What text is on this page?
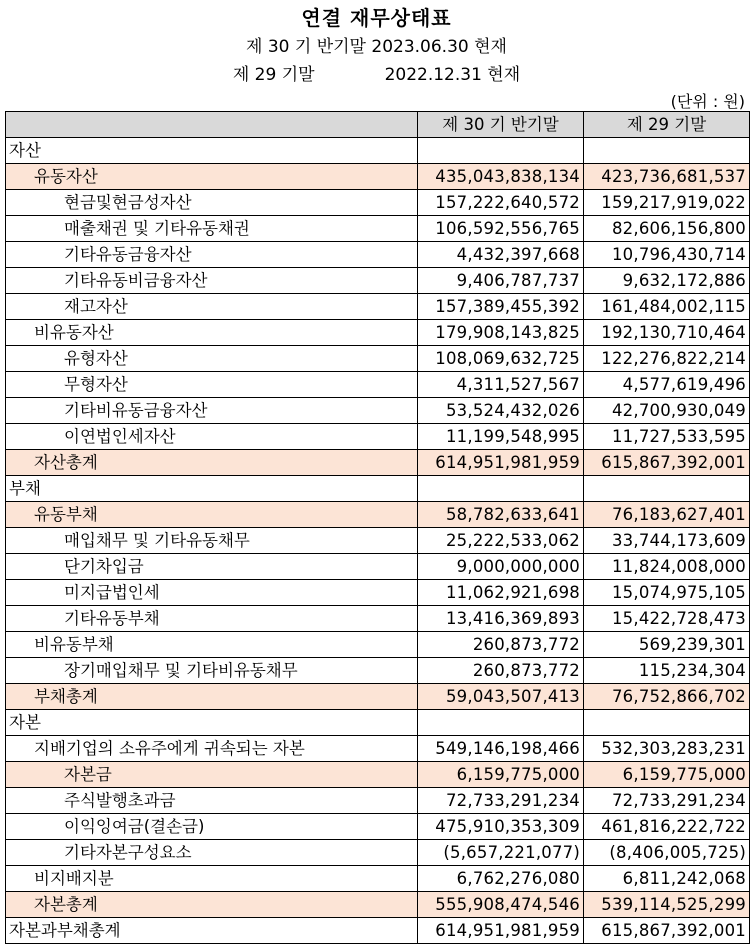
연결 재무상태표
제 30 기 반기말 2023.06.30 현재
제 29 기말	2022.12.31 현재
(단위 : 원)
	제 30 기 반기말	제 29 기말
자산		
유동자산	435,043,838,134	423,736,681,537
현금및현금성자산	157,222,640,572	159,217,919,022
매출채권 및 기타유동채권	106,592,556,765	82,606,156,800
기타유동금융자산	4,432,397,668	10,796,430,714
기타유동비금융자산	9,406,787,737	9,632,172,886
재고자산	157,389,455,392	161,484,002,115
비유동자산	179,908,143,825	192,130,710,464
유형자산	108,069,632,725	122,276,822,214
무형자산	4,311,527,567	4,577,619,496
기타비유동금융자산	53,524,432,026	42,700,930,049
이연법인세자산	11,199,548,995	11,727,533,595
자산총계	614,951,981,959	615,867,392,001
부채		
유동부채	58,782,633,641	76,183,627,401
매입채무 및 기타유동채무	25,222,533,062	33,744,173,609
단기차입금	9,000,000,000	11,824,008,000
미지급법인세	11,062,921,698	15,074,975,105
기타유동부채	13,416,369,893	15,422,728,473
비유동부채	260,873,772	569,239,301
장기매입채무 및 기타비유동채무	260,873,772	115,234,304
부채총계	59,043,507,413	76,752,866,702
자본		
지배기업의 소유주에게 귀속되는 자본	549,146,198,466	532,303,283,231
자본금	6,159,775,000	6,159,775,000
주식발행초과금	72,733,291,234	72,733,291,234
이익잉여금(결손금)	475,910,353,309	461,816,222,722
기타자본구성요소	(5,657,221,077)	(8,406,005,725)
비지배지분	6,762,276,080	6,811,242,068
자본총계	555,908,474,546	539,114,525,299
자본과부채총계	614,951,981,959	615,867,392,001
